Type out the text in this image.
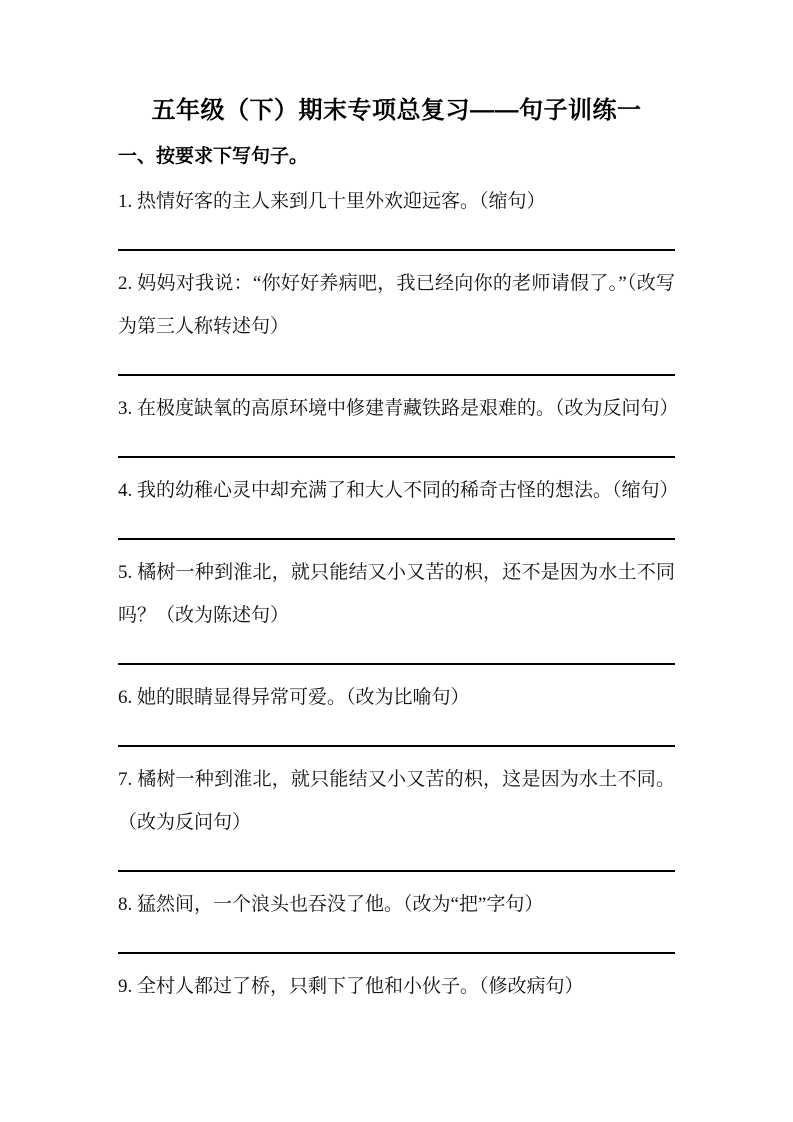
五年级（下）期末专项总复习——句子训练一
一、按要求下写句子。

1. 热情好客的主人来到几十里外欢迎远客。（缩句）

2. 妈妈对我说：“你好好养病吧，我已经向你的老师请假了。”（改写为第三人称转述句）

3. 在极度缺氧的高原环境中修建青藏铁路是艰难的。（改为反问句）

4. 我的幼稚心灵中却充满了和大人不同的稀奇古怪的想法。（缩句）

5. 橘树一种到淮北，就只能结又小又苦的枳，还不是因为水土不同吗？（改为陈述句）

6. 她的眼睛显得异常可爱。（改为比喻句）

7. 橘树一种到淮北，就只能结又小又苦的枳，这是因为水土不同。（改为反问句）

8. 猛然间，一个浪头也吞没了他。（改为“把”字句）

9. 全村人都过了桥，只剩下了他和小伙子。（修改病句）
